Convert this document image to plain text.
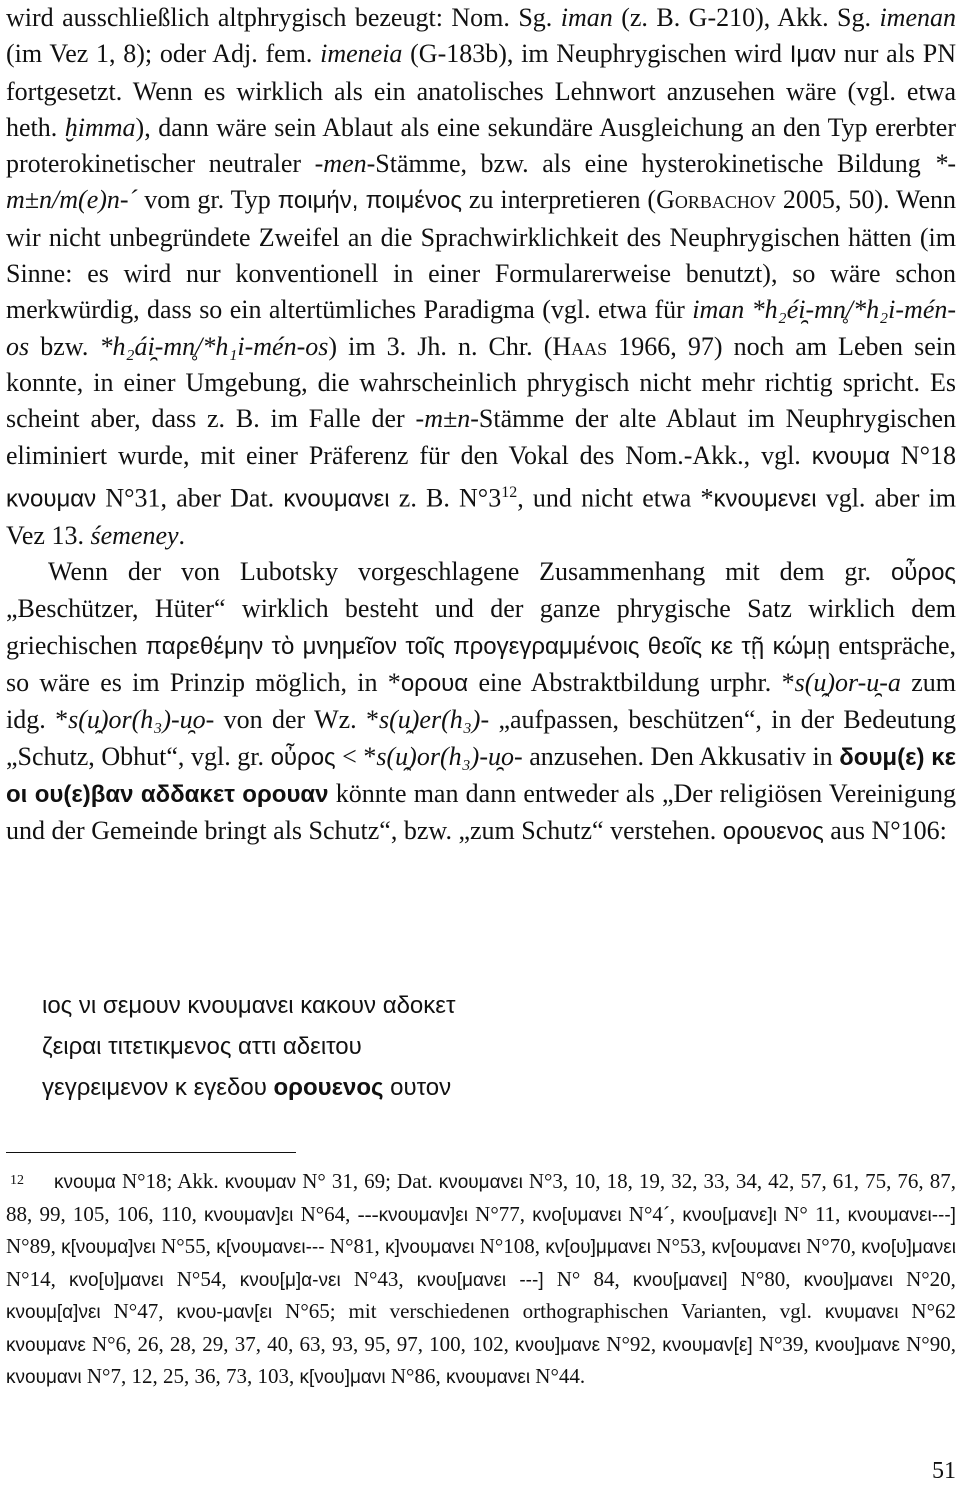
wird ausschließlich altphrygisch bezeugt: Nom. Sg. iman (z. B. G-210), Akk. Sg. imenan (im Vez 1, 8); oder Adj. fem. imeneia (G-183b), im Neuphrygischen wird Ιμαν nur als PN fortgesetzt. Wenn es wirklich als ein anatolisches Lehnwort anzusehen wäre (vgl. etwa heth. ḫimma), dann wäre sein Ablaut als eine sekundäre Ausgleichung an den Typ ererbter proterokinetischer neutraler -men-Stämme, bzw. als eine hysterokinetische Bildung *-m±n/m(e)n-´ vom gr. Typ ποιμήν, ποιμένος zu interpretieren (Gorbachov 2005, 50). Wenn wir nicht unbegründete Zweifel an die Sprachwirklichkeit des Neuphrygischen hätten (im Sinne: es wird nur konventionell in einer Formularerweise benutzt), so wäre schon merkwürdig, dass so ein altertümliches Paradigma (vgl. etwa für iman *h₂éi̯-mn̥/*h₂i-mén-os bzw. *h₂ái̯-mn̥/*h₁i-mén-os) im 3. Jh. n. Chr. (Haas 1966, 97) noch am Leben sein konnte, in einer Umgebung, die wahrscheinlich phrygisch nicht mehr richtig spricht. Es scheint aber, dass z. B. im Falle der -m±n-Stämme der alte Ablaut im Neuphrygischen eliminiert wurde, mit einer Präferenz für den Vokal des Nom.-Akk., vgl. κνουμα N°18 κνουμαν N°31, aber Dat. κνουμανει z. B. $N^\circ 3^{12}$, und nicht etwa *κνουμενει vgl. aber im Vez 13. śemeney.

Wenn der von Lubotsky vorgeschlagene Zusammenhang mit dem gr. οὖρος „Beschützer, Hüter“ wirklich besteht und der ganze phrygische Satz wirklich dem griechischen παρεθέμην τὸ μνημεῖον τοῖς προγεγραμμένοις θεοῖς κε τῇ κώμῃ entspräche, so wäre es im Prinzip möglich, in *ορουα eine Abstraktbildung urphr. *s(u̯)or-u̯-a zum idg. *s(u̯)or(h₃)-u̯o- von der Wz. *s(u̯)er(h₃)- „aufpassen, beschützen“, in der Bedeutung „Schutz, Obhut“, vgl. gr. οὖρος < *s(u̯)or(h₃)-u̯o- anzusehen. Den Akkusativ in δουμ(ε) κε οι ου(ε)βαν αδδακετ ορουαν könnte man dann entweder als „Der religiösen Vereinigung und der Gemeinde bringt als Schutz“, bzw. „zum Schutz“ verstehen. ορουενος aus N°106:

ιος νι σεμουν κνουμανει κακουν αδοκετ
ζειραι τιτετικμενος αττι αδειτου
γεγρειμενον κ εγεδου ορουενος ουτον

12 κνουμα N°18; Akk. κνουμαν N° 31, 69; Dat. κνουμανει N°3, 10, 18, 19, 32, 33, 34, 42, 57, 61, 75, 76, 87, 88, 99, 105, 106, 110, κνουμαν]ει N°64, ---κνουμαν]ει N°77, κνο[υμανει N°4´, κνου[μανε]ι N° 11, κνουμανει---] N°89, κ[νουμα]νει N°55, κ[νουμανει--- N°81, κ]νουμανει N°108, κν[ου]μμανει N°53, κν[ουμανει N°70, κνο[υ]μανει N°14, κνο[υ]μανει N°54, κνου[μ]α-νει N°43, κνου[μανει ---] N° 84, κνου[μανει] N°80, κνου]μανει N°20, κνουμ[α]νει N°47, κνου-μαν[ει N°65; mit verschiedenen orthographischen Varianten, vgl. κνυμανει N°62 κνουμανε N°6, 26, 28, 29, 37, 40, 63, 93, 95, 97, 100, 102, κνου]μανε N°92, κνουμαν[ε] N°39, κνου]μανε N°90, κνουμανι N°7, 12, 25, 36, 73, 103, κ[νου]μανι N°86, κνουμανει N°44.

51
